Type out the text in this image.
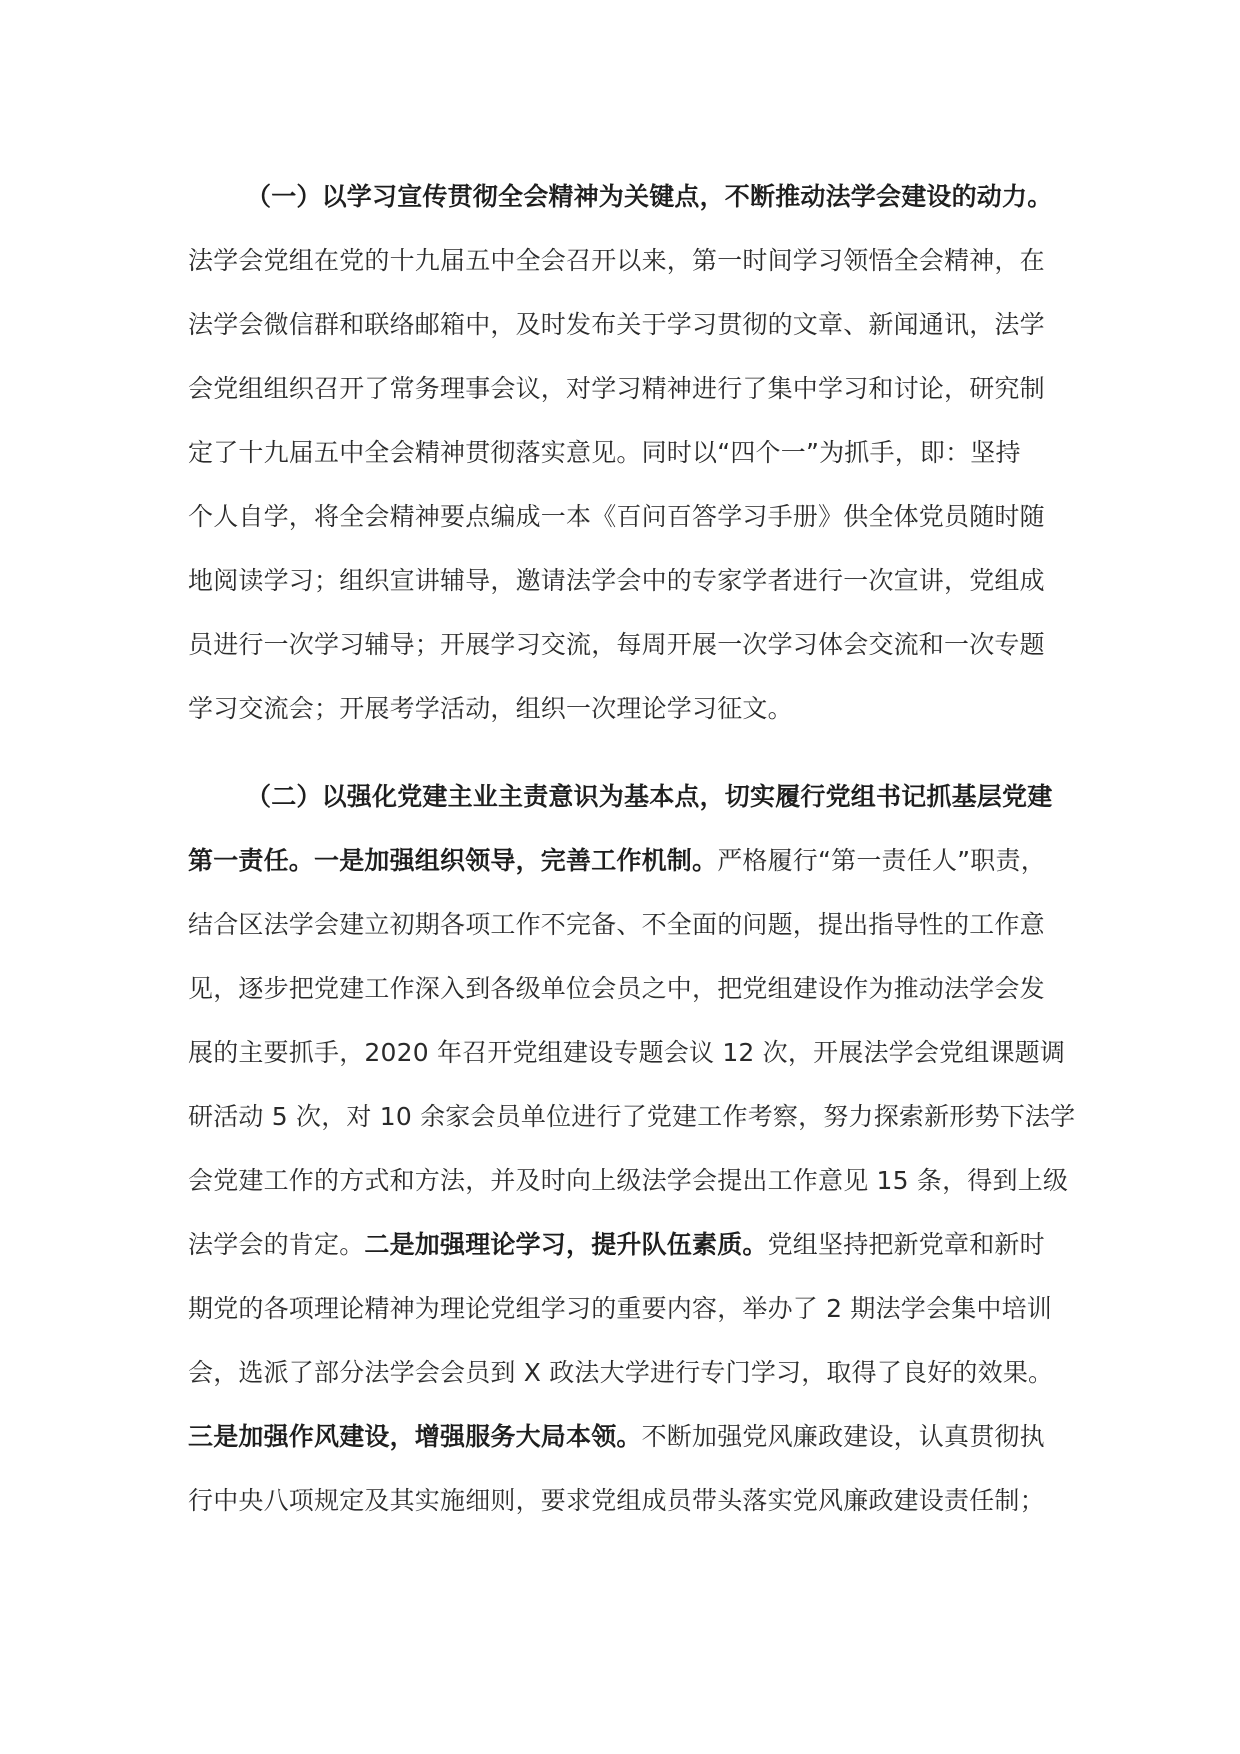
（一）以学习宣传贯彻全会精神为关键点，不断推动法学会建设的动力。
法学会党组在党的十九届五中全会召开以来，第一时间学习领悟全会精神，在
法学会微信群和联络邮箱中，及时发布关于学习贯彻的文章、新闻通讯，法学
会党组组织召开了常务理事会议，对学习精神进行了集中学习和讨论，研究制
定了十九届五中全会精神贯彻落实意见。同时以“四个一”为抓手，即：坚持
个人自学，将全会精神要点编成一本《百问百答学习手册》供全体党员随时随
地阅读学习；组织宣讲辅导，邀请法学会中的专家学者进行一次宣讲，党组成
员进行一次学习辅导；开展学习交流，每周开展一次学习体会交流和一次专题
学习交流会；开展考学活动，组织一次理论学习征文。
（二）以强化党建主业主责意识为基本点，切实履行党组书记抓基层党建
第一责任。一是加强组织领导，完善工作机制。严格履行“第一责任人”职责，
结合区法学会建立初期各项工作不完备、不全面的问题，提出指导性的工作意
见，逐步把党建工作深入到各级单位会员之中，把党组建设作为推动法学会发
展的主要抓手，2020 年召开党组建设专题会议 12 次，开展法学会党组课题调
研活动 5 次，对 10 余家会员单位进行了党建工作考察，努力探索新形势下法学
会党建工作的方式和方法，并及时向上级法学会提出工作意见 15 条，得到上级
法学会的肯定。二是加强理论学习，提升队伍素质。党组坚持把新党章和新时
期党的各项理论精神为理论党组学习的重要内容，举办了 2 期法学会集中培训
会，选派了部分法学会会员到 X 政法大学进行专门学习，取得了良好的效果。
三是加强作风建设，增强服务大局本领。不断加强党风廉政建设，认真贯彻执
行中央八项规定及其实施细则，要求党组成员带头落实党风廉政建设责任制；
